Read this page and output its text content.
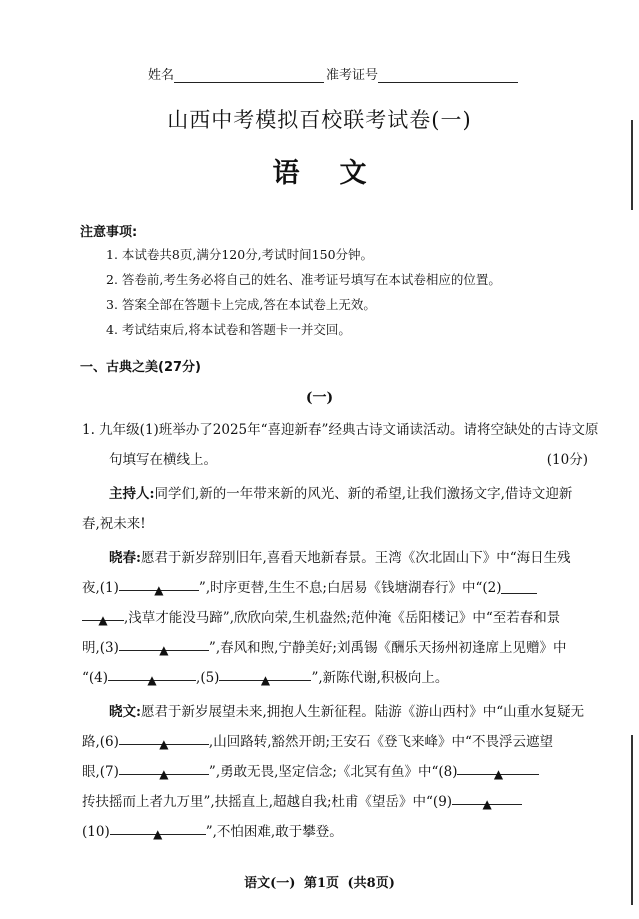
姓名	准考证号
山西中考模拟百校联考试卷(一)
语文
注意事项:
1. 本试卷共8页,满分120分,考试时间150分钟。
2. 答卷前,考生务必将自己的姓名、准考证号填写在本试卷相应的位置。
3. 答案全部在答题卡上完成,答在本试卷上无效。
4. 考试结束后,将本试卷和答题卡一并交回。
一、古典之美(27分)
(一)
1. 九年级(1)班举办了2025年“喜迎新春”经典古诗文诵读活动。请将空缺处的古诗文原
句填写在横线上。	(10分)
主持人:同学们,新的一年带来新的风光、新的希望,让我们激扬文字,借诗文迎新
春,祝未来!
晓春:愿君于新岁辞别旧年,喜看天地新春景。王湾《次北固山下》中“海日生残
夜,(1)	▲	”,时序更替,生生不息;白居易《钱塘湖春行》中“(2)
▲ ,浅草才能没马蹄”,欣欣向荣,生机盎然;范仲淹《岳阳楼记》中“至若春和景
明,(3)	▲	”,春风和煦,宁静美好;刘禹锡《酬乐天扬州初逢席上见赠》中
“(4)	▲	,(5)	▲	”,新陈代谢,积极向上。
晓文:愿君于新岁展望未来,拥抱人生新征程。陆游《游山西村》中“山重水复疑无
路,(6)	▲	,山回路转,豁然开朗;王安石《登飞来峰》中“不畏浮云遮望
眼,(7)	▲	”,勇敢无畏,坚定信念;《北冥有鱼》中“(8)	▲
抟扶摇而上者九万里”,扶摇直上,超越自我;杜甫《望岳》中“(9)	▲
(10)	▲	”,不怕困难,敢于攀登。
语文(一) 第1页 (共8页)
